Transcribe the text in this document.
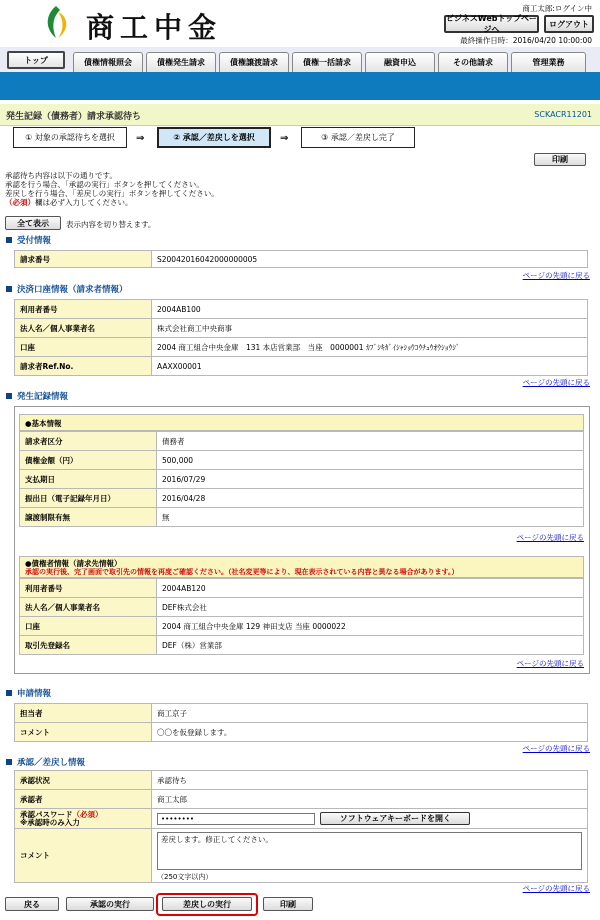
商工中金
商工太郎:ログイン中
ビジネスWebトップページへ
ログアウト
最終操作日時：2016/04/20 10:00:00
トップ	債権情報照会	債権発生請求	債権譲渡請求	債権一括請求	融資申込	その他請求	管理業務
発生記録（債務者）請求承認待ち	SCKACR11201
① 対象の承認待ちを選択	⇒	② 承認／差戻しを選択	⇒	③ 承認／差戻し完了
印刷
承認待ち内容は以下の通りです。
承認を行う場合、「承認の実行」ボタンを押してください。
差戻しを行う場合、「差戻しの実行」ボタンを押してください。
（必須）欄は必ず入力してください。
全て表示	表示内容を切り替えます。
受付情報
請求番号	S20042016042000000005
ページの先頭に戻る
決済口座情報（請求者情報）
利用者番号	2004AB100
法人名／個人事業者名	株式会社商工中央商事
口座	2004 商工組合中央金庫　131 本店営業部　当座　0000001 ｶﾌﾞｼｷｶﾞｲｼｬｼｮｳｺｳﾁｭｳｵｳｼｮｳｼﾞ
請求者Ref.No.	AAXX00001
ページの先頭に戻る
発生記録情報
●基本情報
請求者区分	債務者
債権金額（円）	500,000
支払期日	2016/07/29
振出日（電子記録年月日）	2016/04/28
譲渡制限有無	無
ページの先頭に戻る
●債権者情報（請求先情報）
承認の実行後、完了画面で取引先の情報を再度ご確認ください。（社名変更等により、現在表示されている内容と異なる場合があります。）
利用者番号	2004AB120
法人名／個人事業者名	DEF株式会社
口座	2004 商工組合中央金庫 129 神田支店 当座 0000022
取引先登録名	DEF（株）営業部
ページの先頭に戻る
申請情報
担当者	商工京子
コメント	〇〇を仮登録します。
ページの先頭に戻る
承認／差戻し情報
承認状況	承認待ち
承認者	商工太郎
承認パスワード（必須）
※承認時のみ入力	•••••••• ソフトウェアキーボードを開く
コメント	差戻します。修正してください。
（250文字以内）
ページの先頭に戻る
戻る	承認の実行	差戻しの実行	印刷
